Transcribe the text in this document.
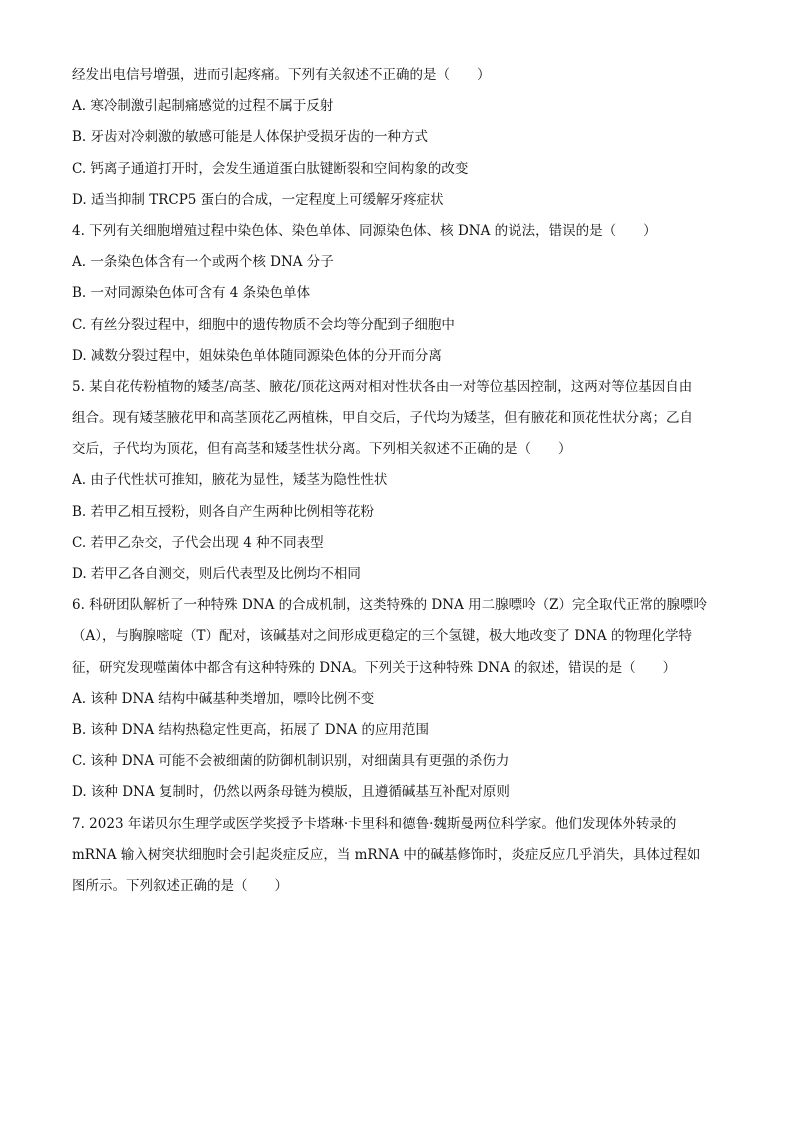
经发出电信号增强，进而引起疼痛。下列有关叙述不正确的是（　　）
A. 寒冷制激引起制痛感觉的过程不属于反射
B. 牙齿对冷刺激的敏感可能是人体保护受损牙齿的一种方式
C. 钙离子通道打开时，会发生通道蛋白肽键断裂和空间构象的改变
D. 适当抑制 TRCP5 蛋白的合成，一定程度上可缓解牙疼症状
4. 下列有关细胞增殖过程中染色体、染色单体、同源染色体、核 DNA 的说法，错误的是（　　）
A. 一条染色体含有一个或两个核 DNA 分子
B. 一对同源染色体可含有 4 条染色单体
C. 有丝分裂过程中，细胞中的遗传物质不会均等分配到子细胞中
D. 减数分裂过程中，姐妹染色单体随同源染色体的分开而分离
5. 某自花传粉植物的矮茎/高茎、腋花/顶花这两对相对性状各由一对等位基因控制，这两对等位基因自由
组合。现有矮茎腋花甲和高茎顶花乙两植株，甲自交后，子代均为矮茎，但有腋花和顶花性状分离；乙自
交后，子代均为顶花，但有高茎和矮茎性状分离。下列相关叙述不正确的是（　　）
A. 由子代性状可推知，腋花为显性，矮茎为隐性性状
B. 若甲乙相互授粉，则各自产生两种比例相等花粉
C. 若甲乙杂交，子代会出现 4 种不同表型
D. 若甲乙各自测交，则后代表型及比例均不相同
6. 科研团队解析了一种特殊 DNA 的合成机制，这类特殊的 DNA 用二腺嘌呤（Z）完全取代正常的腺嘌呤
（A），与胸腺嘧啶（T）配对，该碱基对之间形成更稳定的三个氢键，极大地改变了 DNA 的物理化学特
征，研究发现噬菌体中都含有这种特殊的 DNA。下列关于这种特殊 DNA 的叙述，错误的是（　　）
A. 该种 DNA 结构中碱基种类增加，嘌呤比例不变
B. 该种 DNA 结构热稳定性更高，拓展了 DNA 的应用范围
C. 该种 DNA 可能不会被细菌的防御机制识别，对细菌具有更强的杀伤力
D. 该种 DNA 复制时，仍然以两条母链为模版，且遵循碱基互补配对原则
7. 2023 年诺贝尔生理学或医学奖授予卡塔琳·卡里科和德鲁·魏斯曼两位科学家。他们发现体外转录的
mRNA 输入树突状细胞时会引起炎症反应，当 mRNA 中的碱基修饰时，炎症反应几乎消失，具体过程如
图所示。下列叙述正确的是（　　）
